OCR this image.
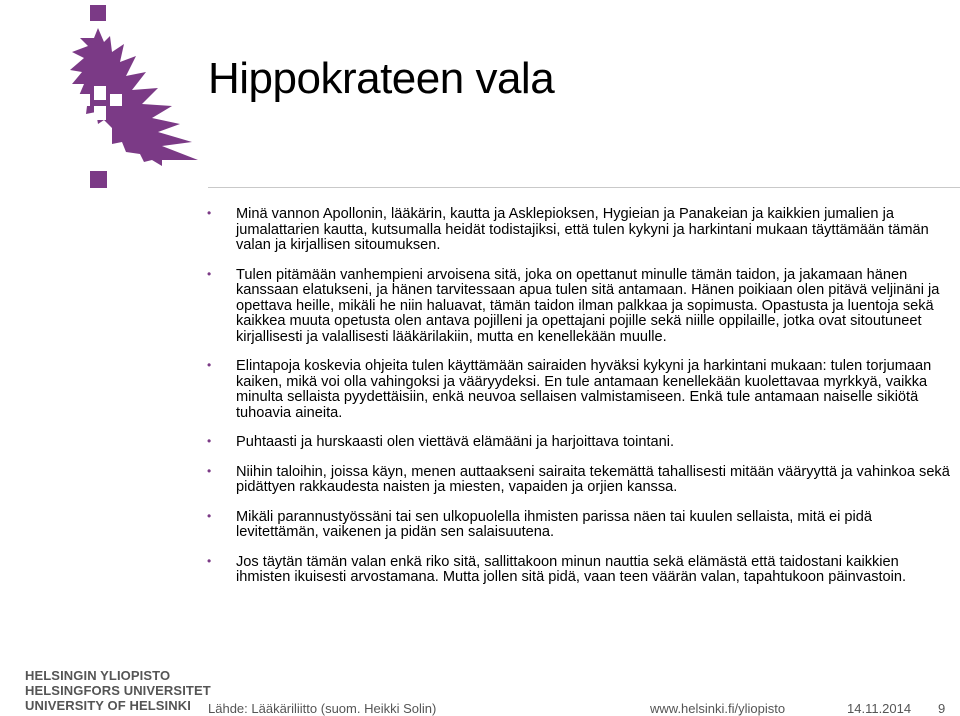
Hippokrateen vala
• Minä vannon Apollonin, lääkärin, kautta ja Asklepioksen, Hygieian ja Panakeian ja kaikkien jumalien ja jumalattarien kautta, kutsumalla heidät todistajiksi, että tulen kykyni ja harkintani mukaan täyttämään tämän valan ja kirjallisen sitoumuksen.
• Tulen pitämään vanhempieni arvoisena sitä, joka on opettanut minulle tämän taidon, ja jakamaan hänen kanssaan elatukseni, ja hänen tarvitessaan apua tulen sitä antamaan. Hänen poikiaan olen pitävä veljinäni ja opettava heille, mikäli he niin haluavat, tämän taidon ilman palkkaa ja sopimusta. Opastusta ja luentoja sekä kaikkea muuta opetusta olen antava pojilleni ja opettajani pojille sekä niille oppilaille, jotka ovat sitoutuneet kirjallisesti ja valallisesti lääkärilakiin, mutta en kenellekään muulle.
• Elintapoja koskevia ohjeita tulen käyttämään sairaiden hyväksi kykyni ja harkintani mukaan: tulen torjumaan kaiken, mikä voi olla vahingoksi ja vääryydeksi. En tule antamaan kenellekään kuolettavaa myrkkyä, vaikka minulta sellaista pyydettäisiin, enkä neuvoa sellaisen valmistamiseen. Enkä tule antamaan naiselle sikiötä tuhoavia aineita.
• Puhtaasti ja hurskaasti olen viettävä elämääni ja harjoittava tointani.
• Niihin taloihin, joissa käyn, menen auttaakseni sairaita tekemättä tahallisesti mitään vääryyttä ja vahinkoa sekä pidättyen rakkaudesta naisten ja miesten, vapaiden ja orjien kanssa.
• Mikäli parannustyössäni tai sen ulkopuolella ihmisten parissa näen tai kuulen sellaista, mitä ei pidä levitettämän, vaikenen ja pidän sen salaisuutena.
• Jos täytän tämän valan enkä riko sitä, sallittakoon minun nauttia sekä elämästä että taidostani kaikkien ihmisten ikuisesti arvostamana. Mutta jollen sitä pidä, vaan teen väärän valan, tapahtukoon päinvastoin.
HELSINGIN YLIOPISTO
HELSINGFORS UNIVERSITET
UNIVERSITY OF HELSINKI	Lähde: Lääkäriliitto (suom. Heikki Solin)	www.helsinki.fi/yliopisto	14.11.2014 9
